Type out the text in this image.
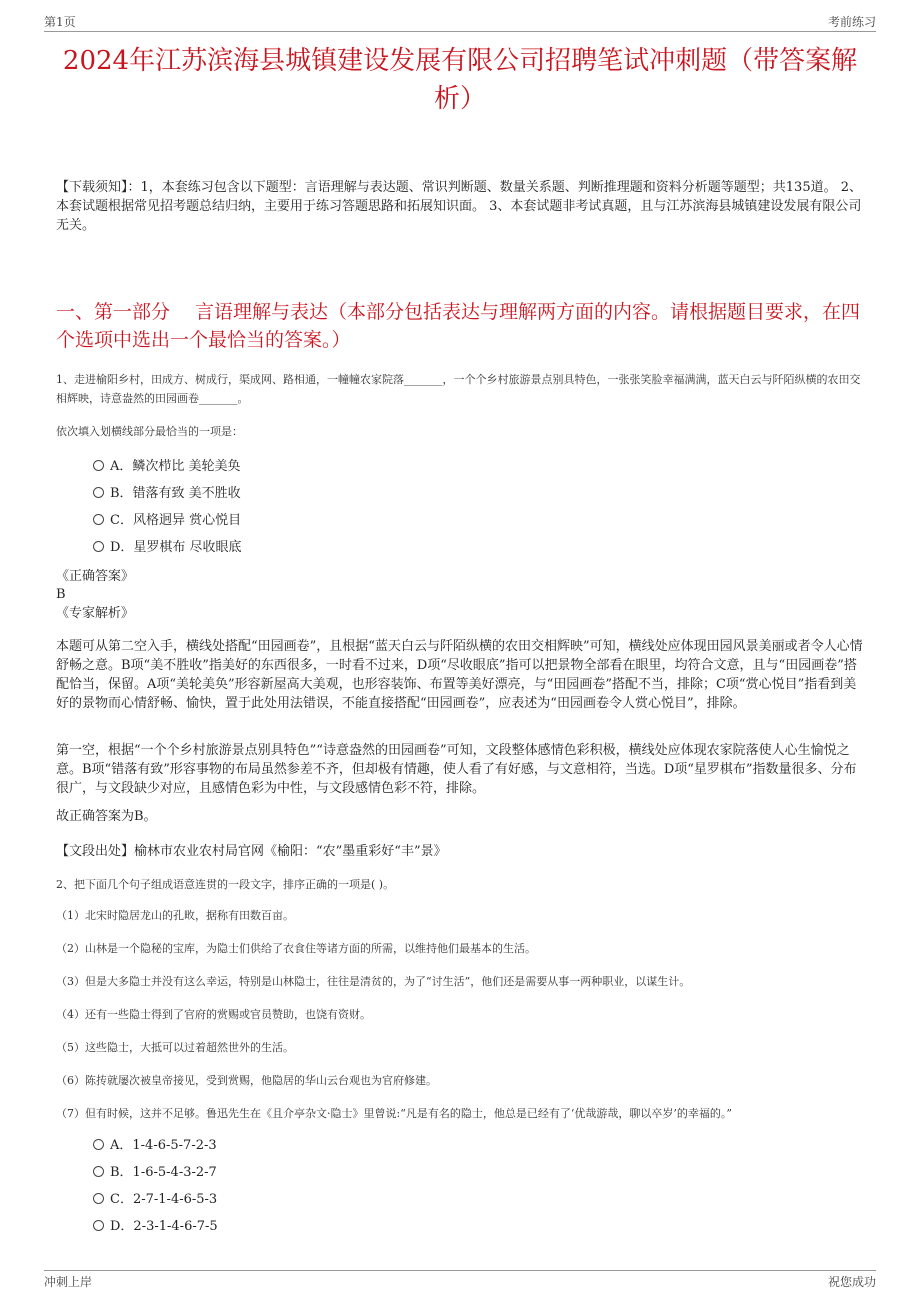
第1页	考前练习
2024年江苏滨海县城镇建设发展有限公司招聘笔试冲刺题（带答案解析）
【下载须知】：1，本套练习包含以下题型：言语理解与表达题、常识判断题、数量关系题、判断推理题和资料分析题等题型；共135道。 2、本套试题根据常见招考题总结归纳，主要用于练习答题思路和拓展知识面。 3、本套试题非考试真题，且与江苏滨海县城镇建设发展有限公司无关。
一、第一部分　 言语理解与表达（本部分包括表达与理解两方面的内容。请根据题目要求，在四个选项中选出一个最恰当的答案。）
1、走进榆阳乡村，田成方、树成行，渠成网、路相通，一幢幢农家院落_______，一个个乡村旅游景点别具特色，一张张笑脸幸福满满，蓝天白云与阡陌纵横的农田交相辉映，诗意盎然的田园画卷_______。
依次填入划横线部分最恰当的一项是：
A．鳞次栉比 美轮美奂
B．错落有致 美不胜收
C．风格迥异 赏心悦目
D．星罗棋布 尽收眼底
《正确答案》
B
《专家解析》
本题可从第二空入手，横线处搭配“田园画卷”，且根据“蓝天白云与阡陌纵横的农田交相辉映”可知，横线处应体现田园风景美丽或者令人心情舒畅之意。B项“美不胜收”指美好的东西很多，一时看不过来，D项“尽收眼底”指可以把景物全部看在眼里，均符合文意，且与“田园画卷”搭配恰当，保留。A项“美轮美奂”形容新屋高大美观，也形容装饰、布置等美好漂亮，与“田园画卷”搭配不当，排除；C项“赏心悦目”指看到美好的景物而心情舒畅、愉快，置于此处用法错误，不能直接搭配“田园画卷”，应表述为“田园画卷令人赏心悦目”，排除。
第一空，根据“一个个乡村旅游景点别具特色”“诗意盎然的田园画卷”可知，文段整体感情色彩积极，横线处应体现农家院落使人心生愉悦之意。B项“错落有致”形容事物的布局虽然参差不齐，但却极有情趣，使人看了有好感，与文意相符，当选。D项“星罗棋布”指数量很多、分布很广，与文段缺少对应，且感情色彩为中性，与文段感情色彩不符，排除。
故正确答案为B。
【文段出处】榆林市农业农村局官网《榆阳：“农”墨重彩好“丰”景》
2、把下面几个句子组成语意连贯的一段文字，排序正确的一项是( )。
（1）北宋时隐居龙山的孔畋，据称有田数百亩。
（2）山林是一个隐秘的宝库，为隐士们供给了衣食住等诸方面的所需，以维持他们最基本的生活。
（3）但是大多隐士并没有这么幸运，特别是山林隐士，往往是清贫的，为了“讨生活”，他们还是需要从事一两种职业，以谋生计。
（4）还有一些隐士得到了官府的赏赐或官员赞助，也饶有资财。
（5）这些隐士，大抵可以过着超然世外的生活。
（6）陈抟就屡次被皇帝接见，受到赏赐，他隐居的华山云台观也为官府修建。
（7）但有时候，这并不足够。鲁迅先生在《且介亭杂文·隐士》里曾说:“凡是有名的隐士，他总是已经有了‘优哉游哉，聊以卒岁’的幸福的。”
A．1-4-6-5-7-2-3
B．1-6-5-4-3-2-7
C．2-7-1-4-6-5-3
D．2-3-1-4-6-7-5
冲刺上岸	祝您成功
